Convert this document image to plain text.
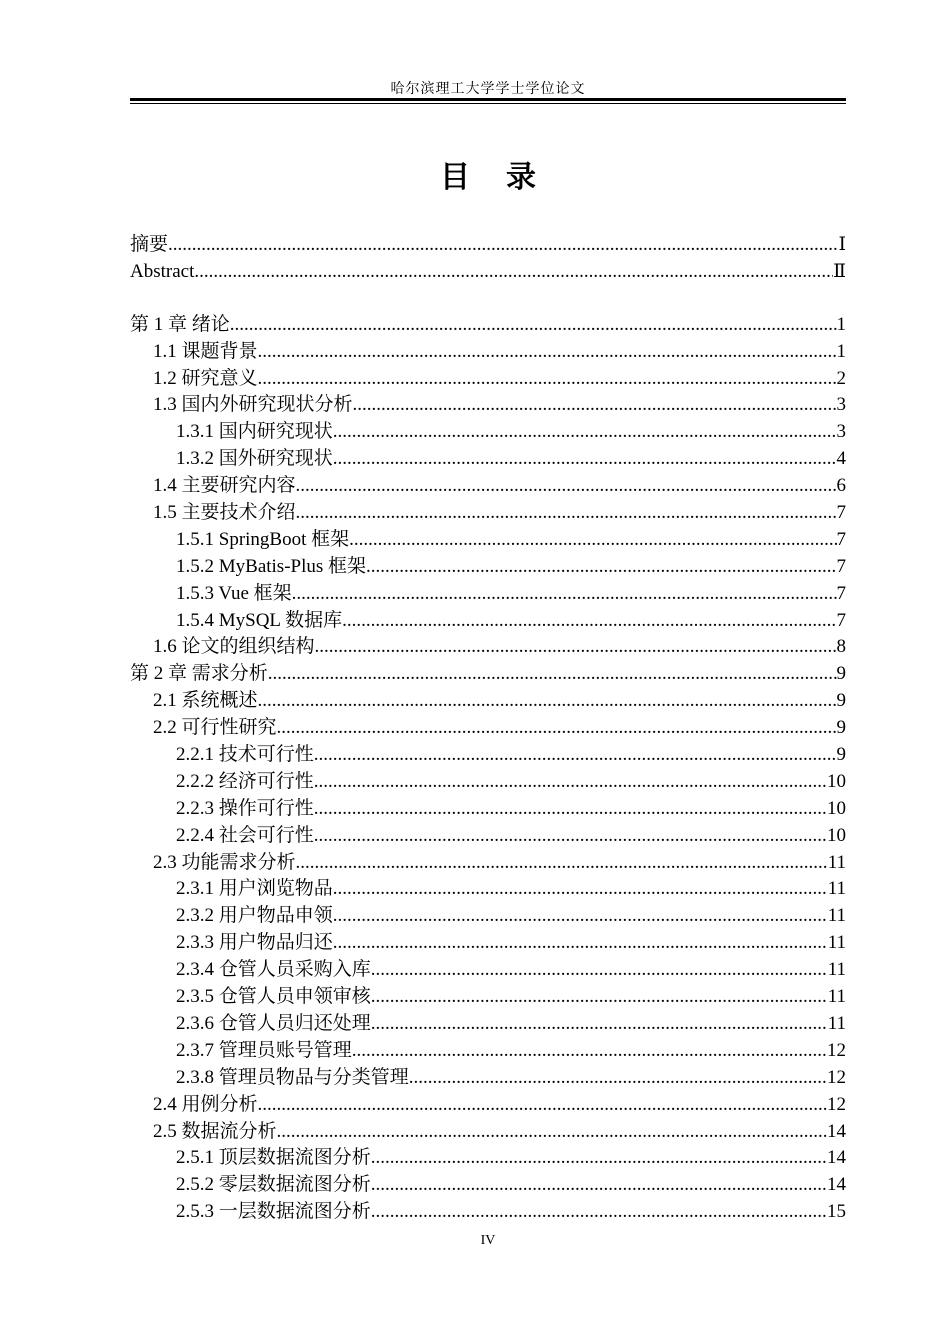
哈尔滨理工大学学士学位论文
目 录
摘要 .....	Ⅰ
Abstract .....	Ⅱ
第 1 章 绪论 .....	1
1.1 课题背景 .....	1
1.2 研究意义 .....	2
1.3 国内外研究现状分析 .....	3
1.3.1 国内研究现状 .....	3
1.3.2 国外研究现状 .....	4
1.4 主要研究内容 .....	6
1.5 主要技术介绍 .....	7
1.5.1 SpringBoot 框架 .....	7
1.5.2 MyBatis-Plus 框架 .....	7
1.5.3 Vue 框架 .....	7
1.5.4 MySQL 数据库 .....	7
1.6 论文的组织结构 .....	8
第 2 章 需求分析 .....	9
2.1 系统概述 .....	9
2.2 可行性研究 .....	9
2.2.1 技术可行性 .....	9
2.2.2 经济可行性 .....	10
2.2.3 操作可行性 .....	10
2.2.4 社会可行性 .....	10
2.3 功能需求分析 .....	11
2.3.1 用户浏览物品 .....	11
2.3.2 用户物品申领 .....	11
2.3.3 用户物品归还 .....	11
2.3.4 仓管人员采购入库 .....	11
2.3.5 仓管人员申领审核 .....	11
2.3.6 仓管人员归还处理 .....	11
2.3.7 管理员账号管理 .....	12
2.3.8 管理员物品与分类管理 .....	12
2.4 用例分析 .....	12
2.5 数据流分析 .....	14
2.5.1 顶层数据流图分析 .....	14
2.5.2 零层数据流图分析 .....	14
2.5.3 一层数据流图分析 .....	15
IV
